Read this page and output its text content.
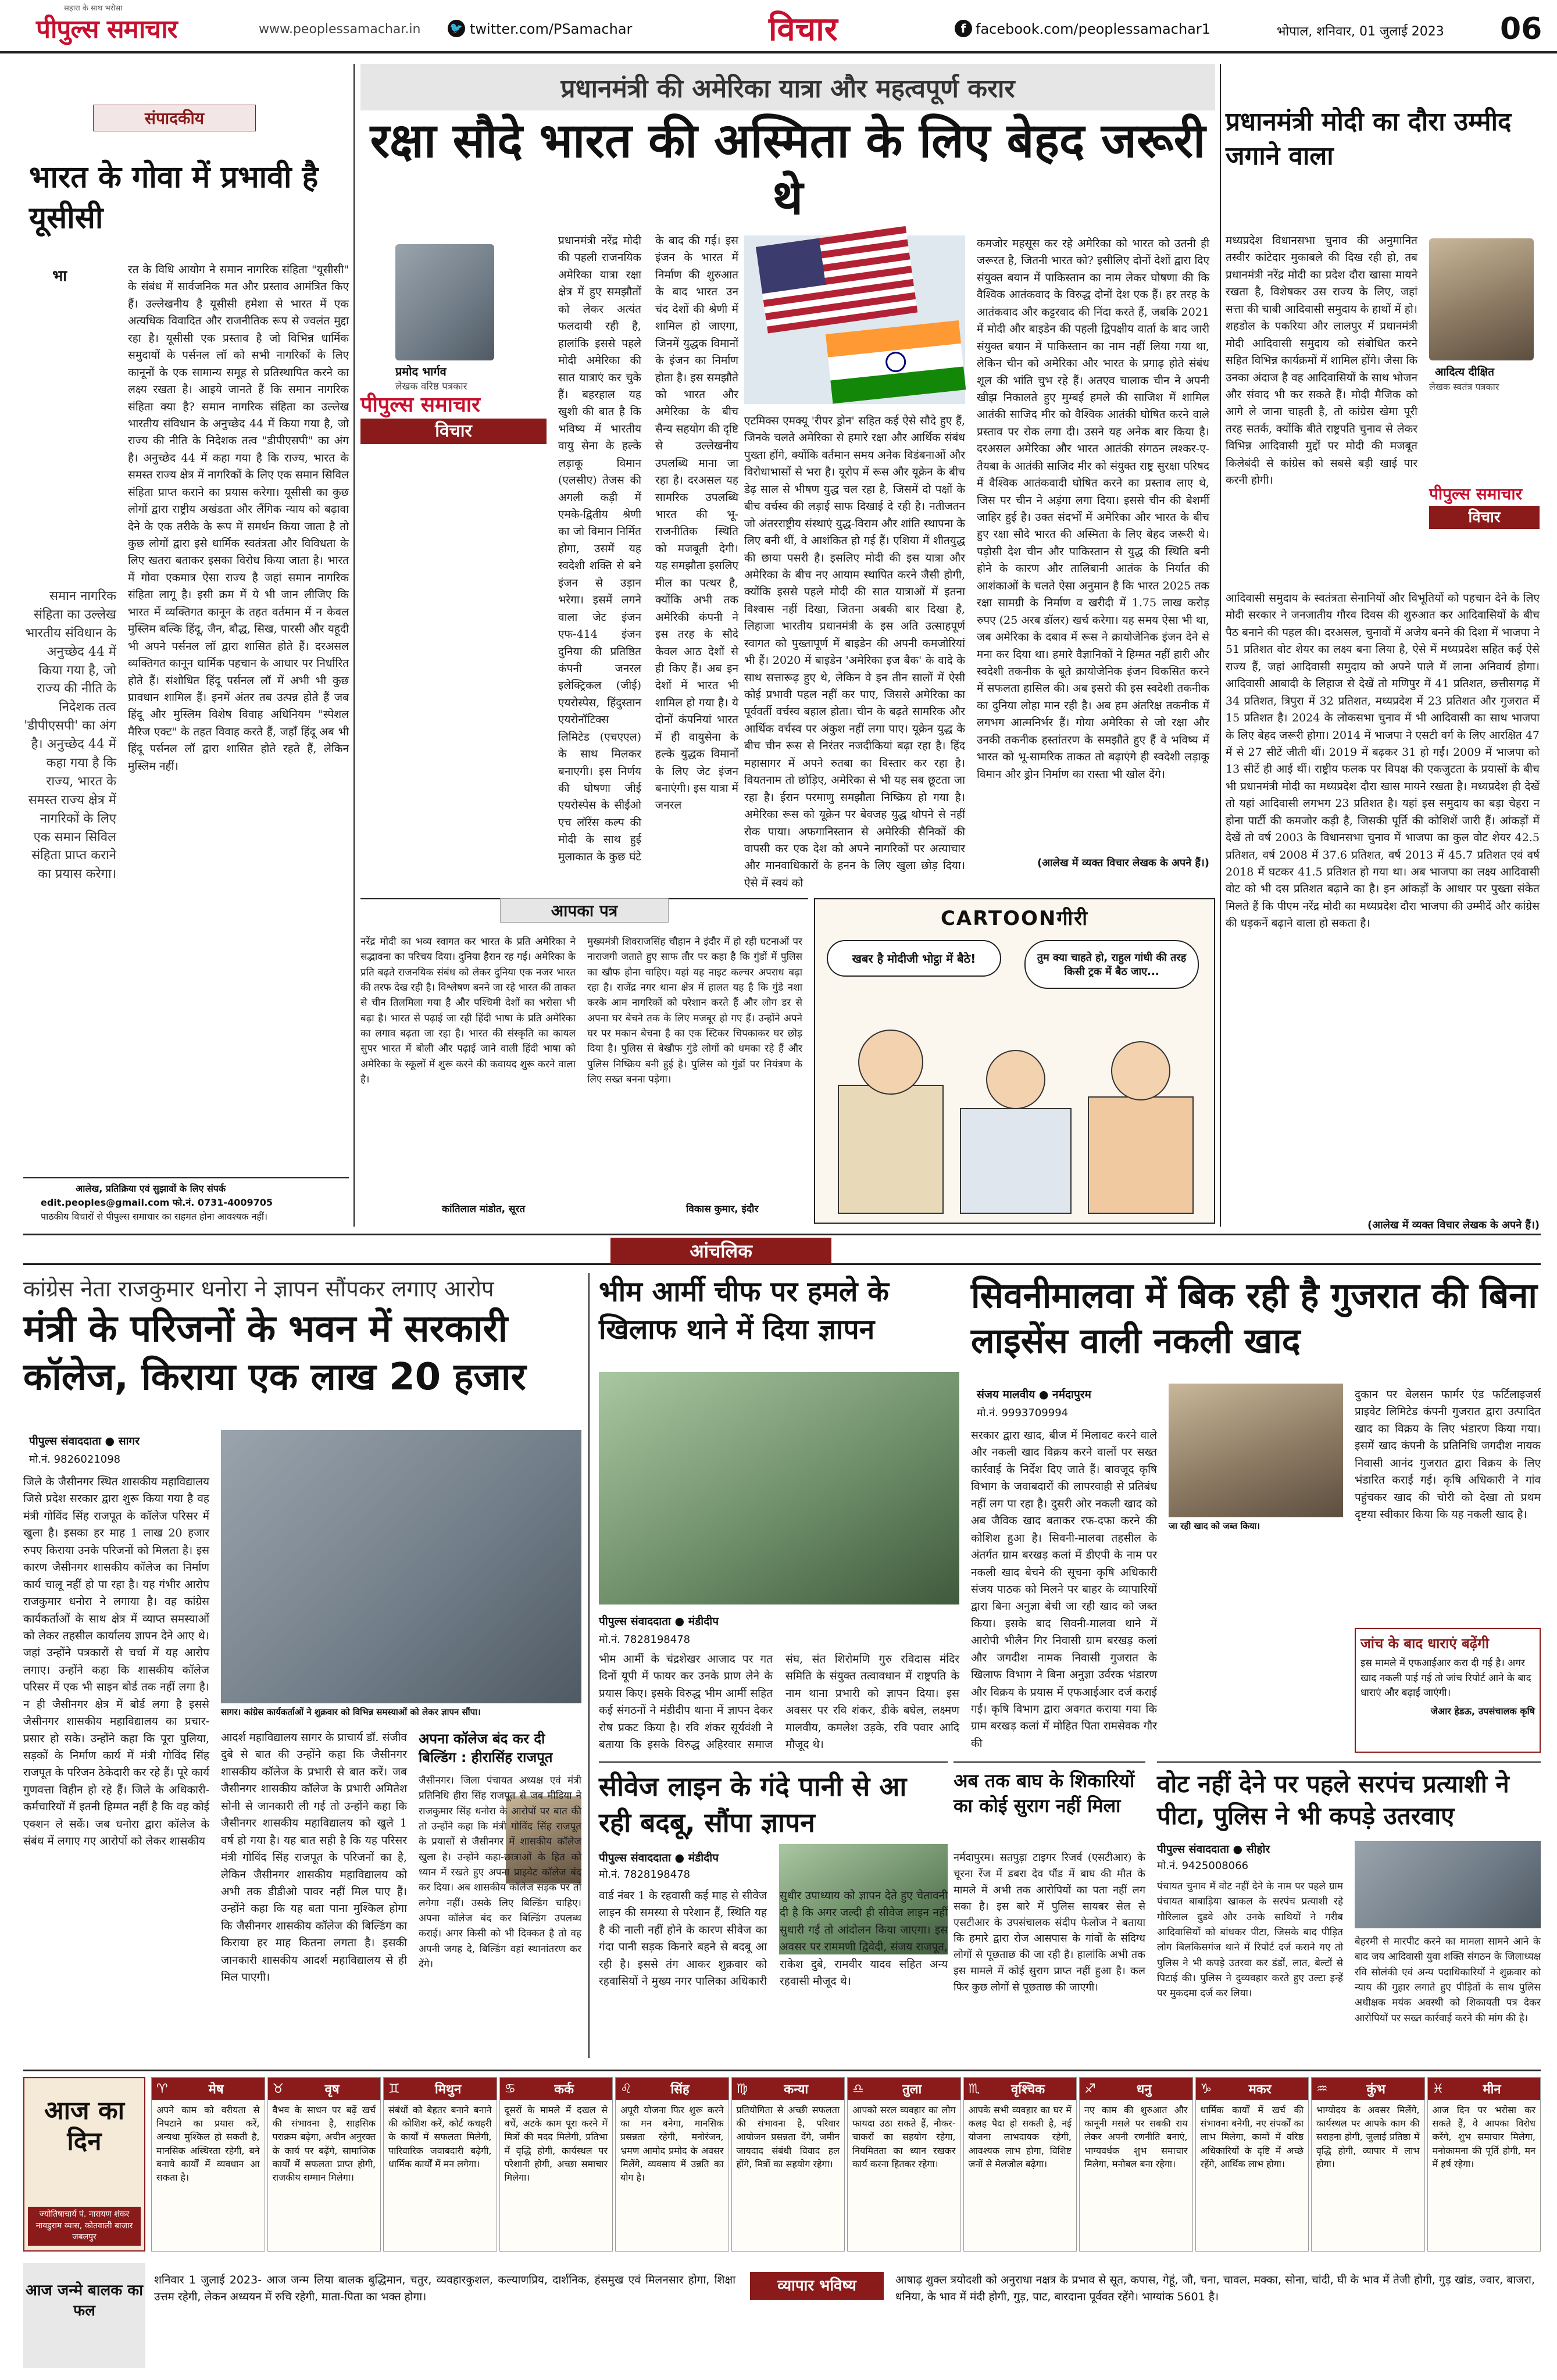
सहारा के साथ भरोसा
पीपुल्स समाचार	www.peoplessamachar.in	🐦 twitter.com/PSamachar	विचार	f facebook.com/peoplessamachar1	भोपाल, शनिवार, 01 जुलाई 2023 06
संपादकीय
भारत के गोवा में प्रभावी है यूसीसी
भा	रत के विधि आयोग ने समान नागरिक संहिता "यूसीसी" के संबंध में सार्वजनिक मत और प्रस्ताव आमंत्रित किए हैं। उल्लेखनीय है यूसीसी हमेशा से भारत में एक अत्यधिक विवादित और राजनीतिक रूप से ज्वलंत मुद्दा रहा है। यूसीसी एक प्रस्ताव है जो विभिन्न धार्मिक समुदायों के पर्सनल लॉ को सभी नागरिकों के लिए कानूनों के एक सामान्य समूह से प्रतिस्थापित करने का लक्ष्य रखता है। आइये जानते हैं कि समान नागरिक संहिता क्या है? समान नागरिक संहिता का उल्लेख भारतीय संविधान के अनुच्छेद 44 में किया गया है, जो राज्य की नीति के निदेशक तत्व "डीपीएसपी" का अंग है। अनुच्छेद 44 में कहा गया है कि राज्य, भारत के समस्त राज्य क्षेत्र में नागरिकों के लिए एक समान सिविल संहिता प्राप्त कराने का प्रयास करेगा। यूसीसी का कुछ लोगों द्वारा राष्ट्रीय अखंडता और लैंगिक न्याय को बढ़ावा देने के एक तरीके के रूप में समर्थन किया जाता है तो कुछ लोगों द्वारा इसे धार्मिक स्वतंत्रता और विविधता के लिए खतरा बताकर इसका विरोध किया जाता है। भारत में गोवा एकमात्र ऐसा राज्य है जहां समान नागरिक संहिता लागू है। इसी क्रम में ये भी जान लीजिए कि भारत में व्यक्तिगत कानून के तहत वर्तमान में न केवल मुस्लिम बल्कि हिंदू, जैन, बौद्ध, सिख, पारसी और यहूदी भी अपने पर्सनल लॉ द्वारा शासित होते हैं। दरअसल व्यक्तिगत कानून धार्मिक पहचान के आधार पर निर्धारित होते हैं। संशोधित हिंदू पर्सनल लॉ में अभी भी कुछ प्रावधान शामिल हैं। इनमें अंतर तब उत्पन्न होते हैं जब हिंदू और मुस्लिम विशेष विवाह अधिनियम "स्पेशल मैरिज एक्ट" के तहत विवाह करते हैं, जहाँ हिंदू अब भी हिंदू पर्सनल लॉ द्वारा शासित होते रहते हैं, लेकिन मुस्लिम नहीं।
समान नागरिक संहिता का उल्लेख भारतीय संविधान के अनुच्छेद 44 में किया गया है, जो राज्य की नीति के निदेशक तत्व 'डीपीएसपी' का अंग है। अनुच्छेद 44 में कहा गया है कि राज्य, भारत के समस्त राज्य क्षेत्र में नागरिकों के लिए एक समान सिविल संहिता प्राप्त कराने का प्रयास करेगा।
आलेख, प्रतिक्रिया एवं सुझावों के लिए संपर्क
edit.peoples@gmail.com फो.नं. 0731-4009705
पाठकीय विचारों से पीपुल्स समाचार का सहमत होना आवश्यक नहीं।
प्रधानमंत्री की अमेरिका यात्रा और महत्वपूर्ण करार
रक्षा सौदे भारत की अस्मिता के लिए बेहद जरूरी थे
प्रमोद भार्गव
लेखक वरिष्ठ पत्रकार
पीपुल्स समाचार
विचार
प्रधानमंत्री नरेंद्र मोदी की पहली राजनयिक अमेरिका यात्रा रक्षा क्षेत्र में हुए समझौतों को लेकर अत्यंत फलदायी रही है, हालांकि इससे पहले मोदी अमेरिका की सात यात्राएं कर चुके हैं। बहरहाल यह खुशी की बात है कि भविष्य में भारतीय वायु सेना के हल्के लड़ाकू विमान (एलसीए) तेजस की अगली कड़ी में एमके-द्वितीय श्रेणी का जो विमान निर्मित होगा, उसमें यह स्वदेशी शक्ति से बने इंजन से उड़ान भरेगा। इसमें लगने वाला जेट इंजन एफ-414 इंजन दुनिया की प्रतिष्ठित कंपनी जनरल इलेक्ट्रिकल (जीई) एयरोस्पेस, हिंदुस्तान एयरोनॉटिक्स लिमिटेड (एचएएल) के साथ मिलकर बनाएगी। इस निर्णय की घोषणा जीई एयरोस्पेस के सीईओ एच लॉरेंस कल्प की मोदी के साथ हुई मुलाकात के कुछ घंटे के बाद की गई। इस इंजन के भारत में निर्माण की शुरुआत के बाद भारत उन चंद देशों की श्रेणी में शामिल हो जाएगा, जिनमें युद्धक विमानों के इंजन का निर्माण होता है। इस समझौते को भारत और अमेरिका के बीच सैन्य सहयोग की दृष्टि से उल्लेखनीय उपलब्धि माना जा रहा है। दरअसल यह सामरिक उपलब्धि भारत की भू-राजनीतिक स्थिति को मजबूती देगी। यह समझौता इसलिए मील का पत्थर है, क्योंकि अभी तक अमेरिकी कंपनी ने इस तरह के सौदे केवल आठ देशों से ही किए हैं। अब इन देशों में भारत भी शामिल हो गया है। ये दोनों कंपनियां भारत में ही वायुसेना के हल्के युद्धक विमानों के लिए जेट इंजन बनाएंगी। इस यात्रा में जनरल
एटमिक्स एमक्यू 'रीपर ड्रोन' सहित कई ऐसे सौदे हुए हैं, जिनके चलते अमेरिका से हमारे रक्षा और आर्थिक संबंध पुख्ता होंगे, क्योंकि वर्तमान समय अनेक विडंबनाओं और विरोधाभासों से भरा है। यूरोप में रूस और यूक्रेन के बीच डेढ़ साल से भीषण युद्ध चल रहा है, जिसमें दो पक्षों के बीच वर्चस्व की लड़ाई साफ दिखाई दे रही है। नतीजतन जो अंतरराष्ट्रीय संस्थाएं युद्ध-विराम और शांति स्थापना के लिए बनी थीं, वे आशंकित हो गई हैं। एशिया में शीतयुद्ध की छाया पसरी है। इसलिए मोदी की इस यात्रा और अमेरिका के बीच नए आयाम स्थापित करने जैसी होगी, क्योंकि इससे पहले मोदी की सात यात्राओं में इतना विश्वास नहीं दिखा, जितना अबकी बार दिखा है, लिहाजा भारतीय प्रधानमंत्री के इस अति उत्साहपूर्ण स्वागत को पुख्तापूर्ण में बाइडेन की अपनी कमजोरियां भी हैं। 2020 में बाइडेन 'अमेरिका इज बैक' के वादे के साथ सत्तारूढ़ हुए थे, लेकिन वे इन तीन सालों में ऐसी कोई प्रभावी पहल नहीं कर पाए, जिससे अमेरिका का पूर्ववर्ती वर्चस्व बहाल होता। चीन के बढ़ते सामरिक और आर्थिक वर्चस्व पर अंकुश नहीं लगा पाए। यूक्रेन युद्ध के बीच चीन रूस से निरंतर नजदीकियां बढ़ा रहा है। हिंद महासागर में अपने रुतबा का विस्तार कर रहा है। वियतनाम तो छोड़िए, अमेरिका से भी यह सब छूटता जा रहा है। ईरान परमाणु समझौता निष्क्रिय हो गया है। अमेरिका रूस को यूक्रेन पर बेवजह युद्ध थोपने से नहीं रोक पाया। अफगानिस्तान से अमेरिकी सैनिकों की वापसी कर एक देश को अपने नागरिकों पर अत्याचार और मानवाधिकारों के हनन के लिए खुला छोड़ दिया। ऐसे में स्वयं को
कमजोर महसूस कर रहे अमेरिका को भारत को उतनी ही जरूरत है, जितनी भारत को? इसीलिए दोनों देशों द्वारा दिए संयुक्त बयान में पाकिस्तान का नाम लेकर घोषणा की कि वैश्विक आतंकवाद के विरुद्ध दोनों देश एक हैं। हर तरह के आतंकवाद और कट्टरवाद की निंदा करते हैं, जबकि 2021 में मोदी और बाइडेन की पहली द्विपक्षीय वार्ता के बाद जारी संयुक्त बयान में पाकिस्तान का नाम नहीं लिया गया था, लेकिन चीन को अमेरिका और भारत के प्रगाढ़ होते संबंध शूल की भांति चुभ रहे हैं। अतएव चालाक चीन ने अपनी खीझ निकालते हुए मुम्बई हमले की साजिश में शामिल आतंकी साजिद मीर को वैश्विक आतंकी घोषित करने वाले प्रस्ताव पर रोक लगा दी। उसने यह अनेक बार किया है। दरअसल अमेरिका और भारत आतंकी संगठन लश्कर-ए-तैयबा के आतंकी साजिद मीर को संयुक्त राष्ट्र सुरक्षा परिषद में वैश्विक आतंकवादी घोषित करने का प्रस्ताव लाए थे, जिस पर चीन ने अड़ंगा लगा दिया। इससे चीन की बेशर्मी जाहिर हुई है। उक्त संदर्भों में अमेरिका और भारत के बीच हुए रक्षा सौदे भारत की अस्मिता के लिए बेहद जरूरी थे। पड़ोसी देश चीन और पाकिस्तान से युद्ध की स्थिति बनी होने के कारण और तालिबानी आतंक के निर्यात की आशंकाओं के चलते ऐसा अनुमान है कि भारत 2025 तक रक्षा सामग्री के निर्माण व खरीदी में 1.75 लाख करोड़ रुपए (25 अरब डॉलर) खर्च करेगा। यह समय ऐसा भी था, जब अमेरिका के दबाव में रूस ने क्रायोजेनिक इंजन देने से मना कर दिया था। हमारे वैज्ञानिकों ने हिम्मत नहीं हारी और स्वदेशी तकनीक के बूते क्रायोजेनिक इंजन विकसित करने में सफलता हासिल की। अब इसरो की इस स्वदेशी तकनीक का दुनिया लोहा मान रही है। अब हम अंतरिक्ष तकनीक में लगभग आत्मनिर्भर हैं। गोया अमेरिका से जो रक्षा और उनकी तकनीक हस्तांतरण के समझौते हुए हैं वे भविष्य में भारत को भू-सामरिक ताकत तो बढ़ाएंगे ही स्वदेशी लड़ाकू विमान और ड्रोन निर्माण का रास्ता भी खोल देंगे।
(आलेख में व्यक्त विचार लेखक के अपने हैं।)
प्रधानमंत्री मोदी का दौरा उम्मीद जगाने वाला
मध्यप्रदेश विधानसभा चुनाव की अनुमानित तस्वीर कांटेदार मुकाबले की दिख रही हो, तब प्रधानमंत्री नरेंद्र मोदी का प्रदेश दौरा खासा मायने रखता है, विशेषकर उस राज्य के लिए, जहां सत्ता की चाबी आदिवासी समुदाय के हाथों में हो। शहडोल के पकरिया और लालपुर में प्रधानमंत्री मोदी आदिवासी समुदाय को संबोधित करने सहित विभिन्न कार्यक्रमों में शामिल होंगे। जैसा कि उनका अंदाज है वह आदिवासियों के साथ भोजन और संवाद भी कर सकते हैं। मोदी मैजिक को आगे ले जाना चाहती है, तो कांग्रेस खेमा पूरी तरह सतर्क, क्योंकि बीते राष्ट्रपति चुनाव से लेकर विभिन्न आदिवासी मुद्दों पर मोदी की मजबूत किलेबंदी से कांग्रेस को सबसे बड़ी खाई पार करनी होगी।
आदित्य दीक्षित
लेखक स्वतंत्र पत्रकार
पीपुल्स समाचार
विचार
आदिवासी समुदाय के स्वतंत्रता सेनानियों और विभूतियों को पहचान देने के लिए मोदी सरकार ने जनजातीय गौरव दिवस की शुरुआत कर आदिवासियों के बीच पैठ बनाने की पहल की। दरअसल, चुनावों में अजेय बनने की दिशा में भाजपा ने 51 प्रतिशत वोट शेयर का लक्ष्य बना लिया है, ऐसे में मध्यप्रदेश सहित कई ऐसे राज्य हैं, जहां आदिवासी समुदाय को अपने पाले में लाना अनिवार्य होगा। आदिवासी आबादी के लिहाज से देखें तो मणिपुर में 41 प्रतिशत, छत्तीसगढ़ में 34 प्रतिशत, त्रिपुरा में 32 प्रतिशत, मध्यप्रदेश में 23 प्रतिशत और गुजरात में 15 प्रतिशत है। 2024 के लोकसभा चुनाव में भी आदिवासी का साथ भाजपा के लिए बेहद जरूरी होगा। 2014 में भाजपा ने एसटी वर्ग के लिए आरक्षित 47 में से 27 सीटें जीती थीं। 2019 में बढ़कर 31 हो गईं। 2009 में भाजपा को 13 सीटें ही आई थीं। राष्ट्रीय फलक पर विपक्ष की एकजुटता के प्रयासों के बीच भी प्रधानमंत्री मोदी का मध्यप्रदेश दौरा खास मायने रखता है। मध्यप्रदेश ही देखें तो यहां आदिवासी लगभग 23 प्रतिशत है। यहां इस समुदाय का बड़ा चेहरा न होना पार्टी की कमजोर कड़ी है, जिसकी पूर्ति की कोशिशें जारी हैं। आंकड़ों में देखें तो वर्ष 2003 के विधानसभा चुनाव में भाजपा का कुल वोट शेयर 42.5 प्रतिशत, वर्ष 2008 में 37.6 प्रतिशत, वर्ष 2013 में 45.7 प्रतिशत एवं वर्ष 2018 में घटकर 41.5 प्रतिशत हो गया था। अब भाजपा का लक्ष्य आदिवासी वोट को भी दस प्रतिशत बढ़ाने का है। इन आंकड़ों के आधार पर पुख्ता संकेत मिलते हैं कि पीएम नरेंद्र मोदी का मध्यप्रदेश दौरा भाजपा की उम्मीदें और कांग्रेस की धड़कनें बढ़ाने वाला हो सकता है।
(आलेख में व्यक्त विचार लेखक के अपने हैं।)
आपका पत्र
नरेंद्र मोदी का भव्य स्वागत कर भारत के प्रति अमेरिका ने सद्भावना का परिचय दिया। दुनिया हैरान रह गई। अमेरिका के प्रति बढ़ते राजनयिक संबंध को लेकर दुनिया एक नजर भारत की तरफ देख रही है। विश्लेषण बनने जा रहे भारत की ताकत से चीन तिलमिला गया है और पश्चिमी देशों का भरोसा भी बढ़ा है। भारत से पढ़ाई जा रही हिंदी भाषा के प्रति अमेरिका का लगाव बढ़ता जा रहा है। भारत की संस्कृति का कायल सुपर भारत में बोली और पढ़ाई जाने वाली हिंदी भाषा को अमेरिका के स्कूलों में शुरू करने की कवायद शुरू करने वाला है।
कांतिलाल मांडोत, सूरत
मुख्यमंत्री शिवराजसिंह चौहान ने इंदौर में हो रही घटनाओं पर नाराजगी जताते हुए साफ तौर पर कहा है कि गुंडों में पुलिस का खौफ होना चाहिए। यहां यह नाइट कल्चर अपराध बढ़ा रहा है। राजेंद्र नगर थाना क्षेत्र में हालत यह है कि गुंडे नशा करके आम नागरिकों को परेशान करते हैं और लोग डर से अपना घर बेचने तक के लिए मजबूर हो गए हैं। उन्होंने अपने घर पर मकान बेचना है का एक स्टिकर चिपकाकर घर छोड़ दिया है। पुलिस से बेखौफ गुंडे लोगों को धमका रहे हैं और पुलिस निष्क्रिय बनी हुई है। पुलिस को गुंडों पर नियंत्रण के लिए सख्त बनना पड़ेगा।
विकास कुमार, इंदौर
CARTOONगीरी
खबर है मोदीजी भाेट्ठा में बैठे!	तुम क्या चाहते हो, राहुल गांधी की तरह किसी ट्रक में बैठ जाए...
आंचलिक
कांग्रेस नेता राजकुमार धनोरा ने ज्ञापन सौंपकर लगाए आरोप
मंत्री के परिजनों के भवन में सरकारी कॉलेज, किराया एक लाख 20 हजार
पीपुल्स संवाददाता ● सागर
मो.नं. 9826021098
सागर। कांग्रेस कार्यकर्ताओं ने शुक्रवार को विभिन्न समस्याओं को लेकर ज्ञापन सौंपा।
जिले के जैसीनगर स्थित शासकीय महाविद्यालय जिसे प्रदेश सरकार द्वारा शुरू किया गया है वह मंत्री गोविंद सिंह राजपूत के कॉलेज परिसर में खुला है। इसका हर माह 1 लाख 20 हजार रुपए किराया उनके परिजनों को मिलता है। इस कारण जैसीनगर शासकीय कॉलेज का निर्माण कार्य चालू नहीं हो पा रहा है। यह गंभीर आरोप राजकुमार धनोरा ने लगाया है। वह कांग्रेस कार्यकर्ताओं के साथ क्षेत्र में व्याप्त समस्याओं को लेकर तहसील कार्यालय ज्ञापन देने आए थे। जहां उन्होंने पत्रकारों से चर्चा में यह आरोप लगाए। उन्होंने कहा कि शासकीय कॉलेज परिसर में एक भी साइन बोर्ड तक नहीं लगा है। न ही जैसीनगर क्षेत्र में बोर्ड लगा है इससे जैसीनगर शासकीय महाविद्यालय का प्रचार-प्रसार हो सके। उन्होंने कहा कि पूरा पुलिया, सड़कों के निर्माण कार्य में मंत्री गोविंद सिंह राजपूत के परिजन ठेकेदारी कर रहे हैं। पूरे कार्य गुणवत्ता विहीन हो रहे हैं। जिले के अधिकारी-कर्मचारियों में इतनी हिम्मत नहीं है कि वह कोई एक्शन ले सकें। जब धनोरा द्वारा कॉलेज के संबंध में लगाए गए आरोपों को लेकर शासकीय
आदर्श महाविद्यालय सागर के प्राचार्य डॉ. संजीव दुबे से बात की उन्होंने कहा कि जैसीनगर शासकीय कॉलेज के प्रभारी से बात करें। जब जैसीनगर शासकीय कॉलेज के प्रभारी अमितेश सोनी से जानकारी ली गई तो उन्होंने कहा कि जैसीनगर शासकीय महाविद्यालय को खुले 1 वर्ष हो गया है। यह बात सही है कि यह परिसर मंत्री गोविंद सिंह राजपूत के परिजनों का है, लेकिन जैसीनगर शासकीय महाविद्यालय को अभी तक डीडीओ पावर नहीं मिल पाए हैं। उन्होंने कहा कि यह बता पाना मुश्किल होगा कि जैसीनगर शासकीय कॉलेज की बिल्डिंग का किराया हर माह कितना लगता है। इसकी जानकारी शासकीय आदर्श महाविद्यालय से ही मिल पाएगी।
अपना कॉलेज बंद कर दी बिल्डिंग : हीरासिंह राजपूत
जैसीनगर। जिला पंचायत अध्यक्ष एवं मंत्री प्रतिनिधि हीरा सिंह राजपूत से जब मीडिया ने राजकुमार सिंह धनोरा के आरोपों पर बात की तो उन्होंने कहा कि मंत्री गोविंद सिंह राजपूत के प्रयासों से जैसीनगर में शासकीय कॉलेज खुला है। उन्होंने कहा-छात्राओं के हित को ध्यान में रखते हुए अपना प्राइवेट कॉलेज बंद कर दिया। अब शासकीय कॉलेज सड़क पर तो लगेगा नहीं। उसके लिए बिल्डिंग चाहिए। अपना कॉलेज बंद कर बिल्डिंग उपलब्ध कराई। अगर किसी को भी दिक्कत है तो वह अपनी जगह दे, बिल्डिंग वहां स्थानांतरण कर देंगे।
भीम आर्मी चीफ पर हमले के खिलाफ थाने में दिया ज्ञापन
पीपुल्स संवाददाता ● मंडीदीप
मो.नं. 7828198478
भीम आर्मी के चंद्रशेखर आजाद पर गत दिनों यूपी में फायर कर उनके प्राण लेने के प्रयास किए। इसके विरुद्ध भीम आर्मी सहित कई संगठनों ने मंडीदीप थाना में ज्ञापन देकर रोष प्रकट किया है। रवि शंकर सूर्यवंशी ने बताया कि इसके विरुद्ध अहिरवार समाज संघ, संत शिरोमणि गुरु रविदास मंदिर समिति के संयुक्त तत्वावधान में राष्ट्रपति के नाम थाना प्रभारी को ज्ञापन दिया। इस अवसर पर रवि शंकर, डीके बघेल, लक्ष्मण मालवीय, कमलेश उड़के, रवि पवार आदि मौजूद थे।
सीवेज लाइन के गंदे पानी से आ रही बदबू, सौंपा ज्ञापन
पीपुल्स संवाददाता ● मंडीदीप
मो.नं. 7828198478
वार्ड नंबर 1 के रहवासी कई माह से सीवेज लाइन की समस्या से परेशान हैं, स्थिति यह है की नाली नहीं होने के कारण सीवेज का गंदा पानी सड़क किनारे बहने से बदबू आ रही है। इससे तंग आकर शुक्रवार को रहवासियों ने मुख्य नगर पालिका अधिकारी सुधीर उपाध्याय को ज्ञापन देते हुए चेतावनी दी है कि अगर जल्दी ही सीवेज लाइन नहीं सुधारी गई तो आंदोलन किया जाएगा। इस अवसर पर राममणी द्विवेदी, संजय राजपूत, राकेश दुबे, रामवीर यादव सहित अन्य रहवासी मौजूद थे।
अब तक बाघ के शिकारियों का कोई सुराग नहीं मिला
नर्मदापुरम। सतपुड़ा टाइगर रिजर्व (एसटीआर) के चूरना रेंज में डबरा देव पौंड में बाघ की मौत के मामले में अभी तक आरोपियों का पता नहीं लग सका है। इस बारे में पुलिस सायबर सेल से एसटीआर के उपसंचालक संदीप फेलोज ने बताया कि हमारे द्वारा रोज आसपास के गांवों के संदिग्ध लोगों से पूछताछ की जा रही है। हालांकि अभी तक इस मामले में कोई सुराग प्राप्त नहीं हुआ है। कल फिर कुछ लोगों से पूछताछ की जाएगी।
सिवनीमालवा में बिक रही है गुजरात की बिना लाइसेंस वाली नकली खाद
संजय मालवीय ● नर्मदापुरम
मो.नं. 9993709994
सरकार द्वारा खाद, बीज में मिलावट करने वाले और नकली खाद विक्रय करने वालों पर सख्त कार्रवाई के निर्देश दिए जाते हैं। बावजूद कृषि विभाग के जवाबदारों की लापरवाही से प्रतिबंध नहीं लग पा रहा है। दुसरी ओर नकली खाद को अब जैविक खाद बताकर रफ-दफा करने की कोशिश हुआ है। सिवनी-मालवा तहसील के अंतर्गत ग्राम बरखड़ कलां में डीएपी के नाम पर नकली खाद बेचने की सूचना कृषि अधिकारी संजय पाठक को मिलने पर बाहर के व्यापारियों द्वारा बिना अनुज्ञा बेची जा रही खाद को जब्त किया। इसके बाद सिवनी-मालवा थाने में आरोपी भीलैन गिर निवासी ग्राम बरखड़ कलां और जगदीश नामक निवासी गुजरात के खिलाफ विभाग ने बिना अनुज्ञा उर्वरक भंडारण और विक्रय के प्रयास में एफआईआर दर्ज कराई गई। कृषि विभाग द्वारा अवगत कराया गया कि ग्राम बरखड़ कलां में मोहित पिता रामसेवक गौर की
जा रही खाद को जब्त किया।
दुकान पर बेलसन फार्मर एंड फर्टिलाइजर्स प्राइवेट लिमिटेड कंपनी गुजरात द्वारा उत्पादित खाद का विक्रय के लिए भंडारण किया गया। इसमें खाद कंपनी के प्रतिनिधि जगदीश नायक निवासी आनंद गुजरात द्वारा विक्रय के लिए भंडारित कराई गई। कृषि अधिकारी ने गांव पहुंचकर खाद की चोरी को देखा तो प्रथम दृष्टया स्वीकार किया कि यह नकली खाद है।
जांच के बाद धाराएं बढ़ेंगी
इस मामले में एफआईआर करा दी गई है। अगर खाद नकली पाई गई तो जांच रिपोर्ट आने के बाद धाराएं और बढ़ाई जाएंगी।
जेआर हेडऊ, उपसंचालक कृषि
वोट नहीं देने पर पहले सरपंच प्रत्याशी ने पीटा, पुलिस ने भी कपड़े उतरवाए
पीपुल्स संवाददाता ● सीहोर
मो.नं. 9425008066
पंचायत चुनाव में वोट नहीं देने के नाम पर पहले ग्राम पंचायत बाबाड़िया खाकल के सरपंच प्रत्याशी रहे गौरिलाल दुडवे और उनके साथियों ने गरीब आदिवासियों को बांधकर पीटा, जिसके बाद पीड़ित लोग बिलकिसगंज थाने में रिपोर्ट दर्ज कराने गए तो पुलिस ने भी कपड़े उतरवा कर डंडों, लात, बेल्टों से पिटाई की। पुलिस ने दुव्यवहार करते हुए उल्टा इन्हें पर मुकदमा दर्ज कर लिया।
बेहरमी से मारपीट करने का मामला सामने आने के बाद जय आदिवासी युवा शक्ति संगठन के जिलाध्यक्ष रवि सोलंकी एवं अन्य पदाधिकारियों ने शुक्रवार को न्याय की गुहार लगाते हुए पीड़ितों के साथ पुलिस अधीक्षक मयंक अवस्थी को शिकायती पत्र देकर आरोपियों पर सख्त कार्रवाई करने की मांग की है।
आज का दिन
ज्योतिषाचार्य पं. नारायण शंकर नायडुराम व्यास, कोतवाली बाजार जबलपुर
♈	मेष
अपने काम को वरीयता से निपटाने का प्रयास करें, अन्यथा मुश्किल हो सकती है, मानसिक अस्थिरता रहेगी, बने बनाये कार्यों में व्यवधान आ सकता है।
♉	वृष
वैभव के साधन पर बढ़ें खर्च की संभावना है, साहसिक पराक्रम बढ़ेगा, अचीन अनुरक्त के कार्य पर बढ़ेंगे, सामाजिक कार्यों में सफलता प्राप्त होगी, राजकीय सम्मान मिलेगा।
♊	मिथुन
संबंधों को बेहतर बनाने बनाने की कोशिश करें, कोर्ट कचहरी के कार्यों में सफलता मिलेगी, पारिवारिक जवाबदारी बढ़ेगी, धार्मिक कार्यों में मन लगेगा।
♋	कर्क
दूसरों के मामले में दखल से बचें, अटके काम पूरा करने में मित्रों की मदद मिलेगी, प्रतिभा में वृद्धि होगी, कार्यस्थल पर परेशानी होगी, अच्छा समाचार मिलेगा।
♌	सिंह
अपूरी योजना फिर शुरू करने का मन बनेगा, मानसिक प्रसन्नता रहेगी, मनोरंजन, भ्रमण आमोद प्रमोद के अवसर मिलेंगे, व्यवसाय में उन्नति का योग है।
♍	कन्या
प्रतियोगिता से अच्छी सफलता की संभावना है, परिवार आयोजन प्रसन्नता देंगे, जमीन जायदाद संबंधी विवाद हल होंगे, मित्रों का सहयोग रहेगा।
♎	तुला
आपको सरल व्यवहार का लोग फायदा उठा सकते हैं, नौकर-चाकरों का सहयोग रहेगा, नियमितता का ध्यान रखकर कार्य करना हितकर रहेगा।
♏	वृश्चिक
आपके सभी व्यवहार का घर में कलह पैदा हो सकती है, नई योजना लाभदायक रहेगी, आवश्यक लाभ होगा, विशिष्ट जनों से मेलजोल बढ़ेगा।
♐	धनु
नए काम की शुरुआत और कानूनी मसले पर सबकी राय लेकर अपनी रणनीति बनाएं, भाग्यवर्धक शुभ समाचार मिलेगा, मनोबल बना रहेगा।
♑	मकर
धार्मिक कार्यों में खर्च की संभावना बनेगी, नए संपर्कों का लाभ मिलेगा, कामों में वरिष्ठ अधिकारियों के दृष्टि में अच्छे रहेंगे, आर्थिक लाभ होगा।
♒	कुंभ
भाग्योदय के अवसर मिलेंगे, कार्यस्थल पर आपके काम की सराहना होगी, जुलाई प्रतिष्ठा में वृद्धि होगी, व्यापार में लाभ होगा।
♓	मीन
आज दिन पर भरोसा कर सकते हैं, वे आपका विरोध करेंगे, शुभ समाचार मिलेगा, मनोकामना की पूर्ति होगी, मन में हर्ष रहेगा।
आज जन्मे बालक का फल
शनिवार 1 जुलाई 2023- आज जन्म लिया बालक बुद्धिमान, चतुर, व्यवहारकुशल, कल्याणप्रिय, दार्शनिक, हंसमुख एवं मिलनसार होगा, शिक्षा उत्तम रहेगी, लेकन अध्ययन में रुचि रहेगी, माता-पिता का भक्त होगा।
व्यापार भविष्य	आषाढ़ शुक्ल त्रयोदशी को अनुराधा नक्षत्र के प्रभाव से सूत, कपास, गेहूं, जौ, चना, चावल, मक्का, सोना, चांदी, घी के भाव में तेजी होगी, गुड़ खांड, ज्वार, बाजरा, धनिया, के भाव में मंदी होगी, गुड़, पाट, बारदाना पूर्ववत रहेंगे। भाग्यांक 5601 है।
